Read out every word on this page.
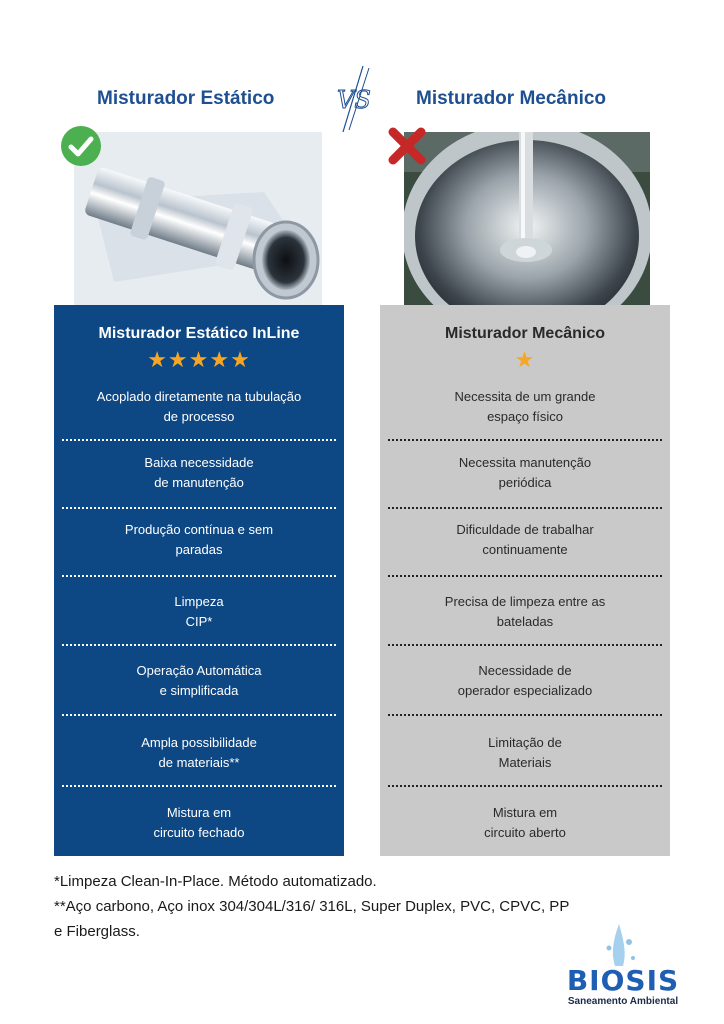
Misturador Estático	VS Misturador Mecânico
Misturador Estático InLine
★★★★★
Acoplado diretamente na tubulação
de processo
Baixa necessidade
de manutenção
Produção contínua e sem
paradas
Limpeza
CIP*
Operação Automática
e simplificada
Ampla possibilidade
de materiais**
Mistura em
circuito fechado
Misturador Mecânico
★
Necessita de um grande
espaço físico
Necessita manutenção
periódica
Dificuldade de trabalhar
continuamente
Precisa de limpeza entre as
bateladas
Necessidade de
operador especializado
Limitação de
Materiais
Mistura em
circuito aberto
*Limpeza Clean-In-Place. Método automatizado.
**Aço carbono, Aço inox 304/304L/316/ 316L, Super Duplex, PVC, CPVC, PP
e Fiberglass.
BIOSIS
Saneamento Ambiental
